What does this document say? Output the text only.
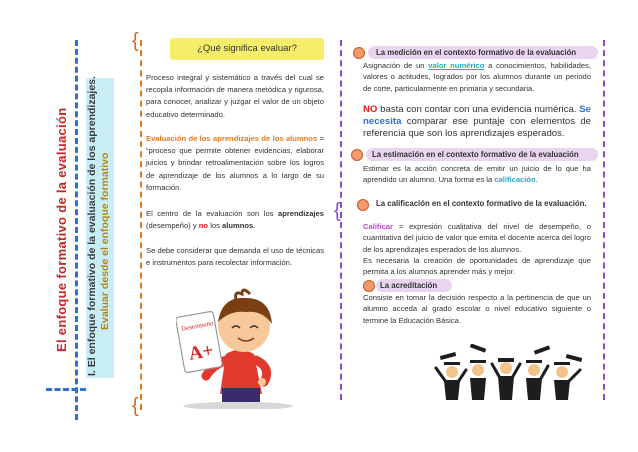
{
{
{
El enfoque formativo de la evaluación I. El enfoque formativo de la evaluación de los aprendizajes. Evaluar desde el enfoque formativo
¿Qué significa evaluar?
Proceso integral y sistemático a través del cual se recopila información de manera metódica y rigurosa, para conocer, analizar y juzgar el valor de un objeto educativo determinado.
Evaluación de los aprendizajes de los alumnos = “proceso que permite obtener evidencias, elaborar juicios y brindar retroalimentación sobre los logros de aprendizaje de los alumnos a lo largo de su formación.
El centro de la evaluación son los aprendizajes (desempeño) y no los alumnos.
Se debe considerar que demanda el uso de técnicas e instrumentos para recolectar información.
Desempeño
A+
La medición en el contexto formativo de la evaluación
Asignación de un valor numérico a conocimientos, habilidades, valores o actitudes, logrados por los alumnos durante un periodo de corte, particularmente en primaria y secundaria.
NO basta con contar con una evidencia numérica. Se necesita comparar ese puntaje con elementos de referencia que son los aprendizajes esperados.
La estimación en el contexto formativo de la evaluación
Estimar es la acción concreta de emitir un juicio de lo que ha aprendido un alumno. Una forma es la calificación.
La calificación en el contexto formativo de la evaluación.
Calificar = expresión cualitativa del nivel de desempeño, o cuantitativa del juicio de valor que emita el docente acerca del logro de los aprendizajes esperados de los alumnos.
Es necesaria la creación de oportunidades de aprendizaje que permita a los alumnos aprender más y mejor.
La acreditación
Consiste en tomar la decisión respecto a la pertinencia de que un alumno acceda al grado escolar o nivel educativo siguiente o termine la Educación Básica.
